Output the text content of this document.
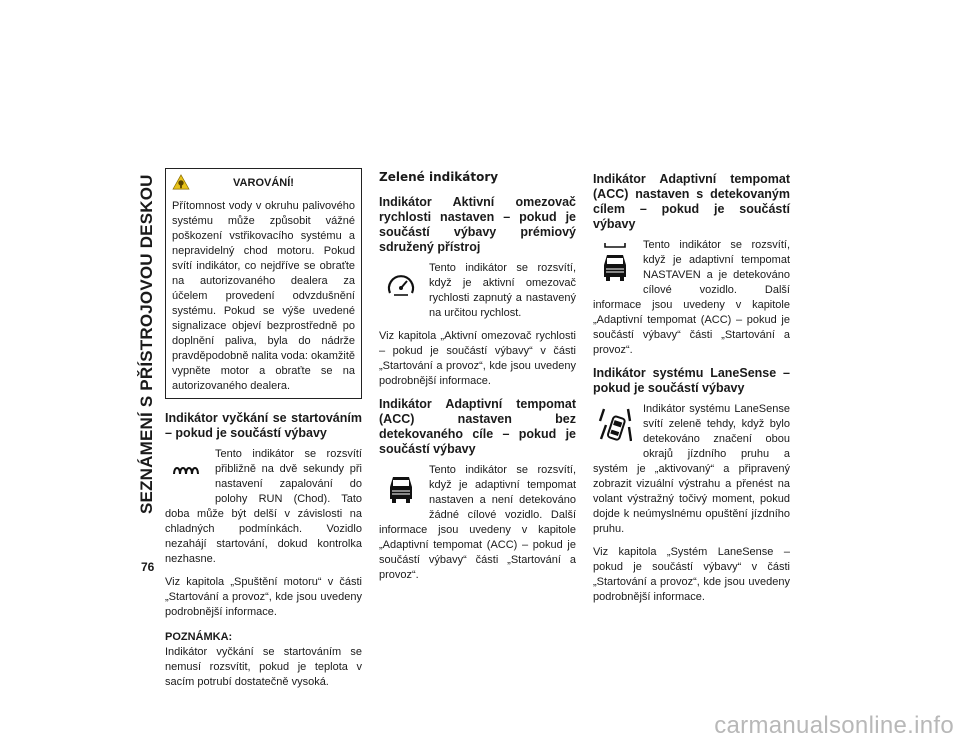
SEZNÁMENÍ S PŘÍSTROJOVOU DESKOU
76
VAROVÁNÍ!

Přítomnost vody v okruhu palivového systému může způsobit vážné poškození vstřikovacího systému a nepravidelný chod motoru. Pokud svítí indikátor, co nejdříve se obraťte na autorizovaného dealera za účelem provedení odvzdušnění systému. Pokud se výše uvedené signalizace objeví bezprostředně po doplnění paliva, byla do nádrže pravděpodobně nalita voda: okamžitě vypněte motor a obraťte se na autorizovaného dealera.

Indikátor vyčkání se startováním – pokud je součástí výbavy

Tento indikátor se rozsvítí přibližně na dvě sekundy při nastavení zapalování do polohy RUN (Chod). Tato doba může být delší v závislosti na chladných podmínkách. Vozidlo nezahájí startování, dokud kontrolka nezhasne.

Viz kapitola „Spuštění motoru“ v části „Startování a provoz“, kde jsou uvedeny podrobnější informace.

POZNÁMKA:

Indikátor vyčkání se startováním se nemusí rozsvítit, pokud je teplota v sacím potrubí dostatečně vysoká.

Zelené indikátory
Indikátor Aktivní omezovač rychlosti nastaven – pokud je součástí výbavy prémiový sdružený přístroj

Tento indikátor se rozsvítí, když je aktivní omezovač rychlosti zapnutý a nastavený na určitou rychlost.

Viz kapitola „Aktivní omezovač rychlosti – pokud je součástí výbavy“ v části „Startování a provoz“, kde jsou uvedeny podrobnější informace.

Indikátor Adaptivní tempomat (ACC) nastaven bez detekovaného cíle – pokud je součástí výbavy

Tento indikátor se rozsvítí, když je adaptivní tempomat nastaven a není detekováno žádné cílové vozidlo. Další informace jsou uvedeny v kapitole „Adaptivní tempomat (ACC) – pokud je součástí výbavy“ části „Startování a provoz“.

Indikátor Adaptivní tempomat (ACC) nastaven s detekovaným cílem – pokud je součástí výbavy

Tento indikátor se rozsvítí, když je adaptivní tempomat NASTAVEN a je detekováno cílové vozidlo. Další informace jsou uvedeny v kapitole „Adaptivní tempomat (ACC) – pokud je součástí výbavy“ části „Startování a provoz“.

Indikátor systému LaneSense – pokud je součástí výbavy

Indikátor systému LaneSense svítí zeleně tehdy, když bylo detekováno značení obou okrajů jízdního pruhu a systém je „aktivovaný“ a připravený zobrazit vizuální výstrahu a přenést na volant výstražný točivý moment, pokud dojde k neúmyslnému opuštění jízdního pruhu.

Viz kapitola „Systém LaneSense – pokud je součástí výbavy“ v části „Startování a provoz“, kde jsou uvedeny podrobnější informace.

carmanualsonline.info
